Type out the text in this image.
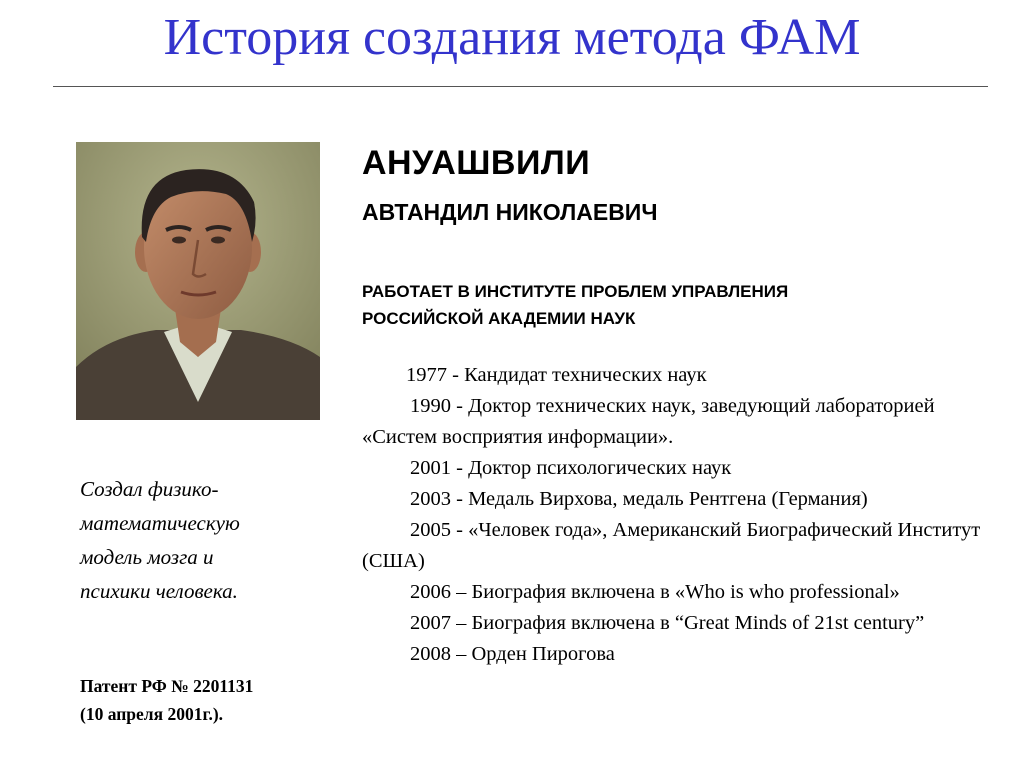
История создания метода ФАМ
Создал физико-
математическую
модель мозга и
психики человека.
Патент РФ № 2201131
(10 апреля 2001г.).
АНУАШВИЛИ
АВТАНДИЛ НИКОЛАЕВИЧ
РАБОТАЕТ В ИНСТИТУТЕ ПРОБЛЕМ УПРАВЛЕНИЯ
РОССИЙСКОЙ АКАДЕМИИ НАУК

1977 - Кандидат технических наук

1990 - Доктор технических наук, заведующий лабораторией «Систем восприятия информации».

2001 - Доктор психологических наук

2003 - Медаль Вирхова, медаль Рентгена (Германия)

2005 - «Человек года», Американский Биографический Институт (США)

2006 – Биография включена в «Who is who professional»

2007 – Биография включена в “Great Minds of 21st century”

2008 – Орден Пирогова
